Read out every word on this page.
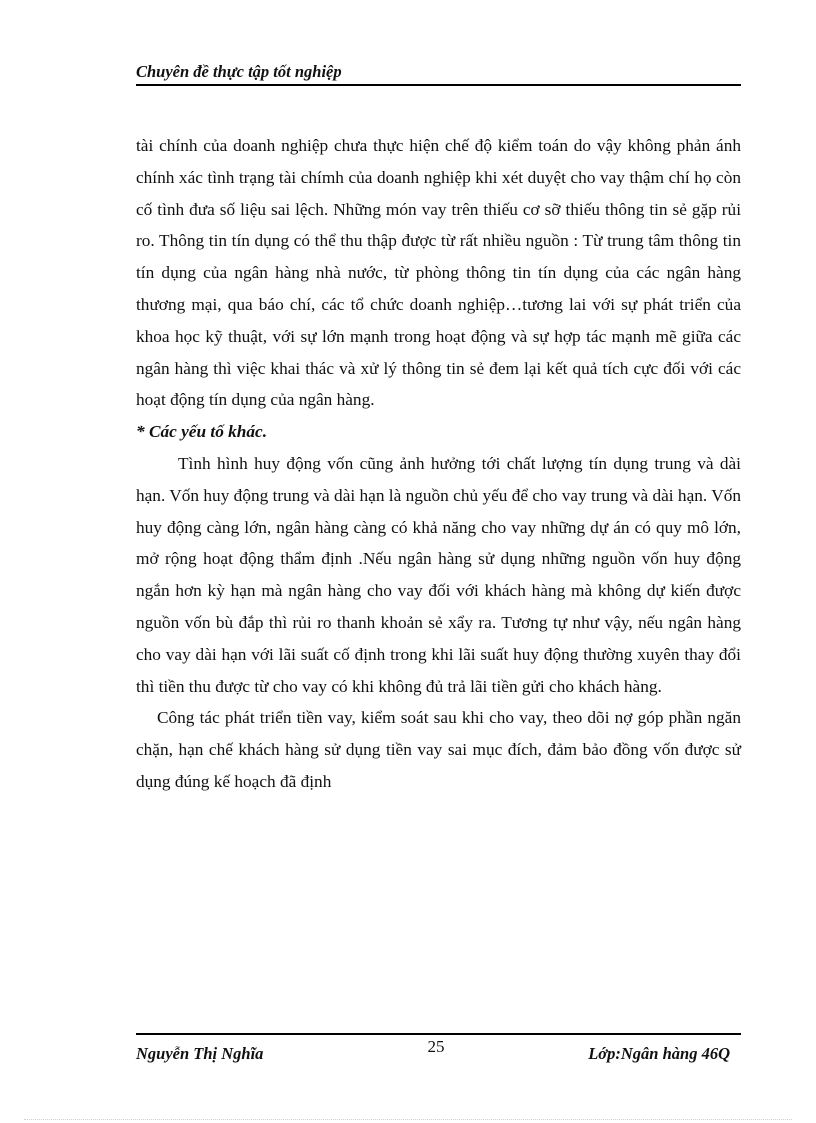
Chuyên đề thực tập tốt nghiệp

tài chính của doanh nghiệp chưa thực hiện chế độ kiểm toán do vậy không phản ánh chính xác tình trạng tài chímh của doanh nghiệp khi xét duyệt cho vay thậm chí họ còn cố tình đưa số liệu sai lệch. Những món vay trên thiếu cơ sỡ thiếu thông tin sẻ gặp rủi ro. Thông tin tín dụng có thể thu thập được từ rất nhiều nguồn : Từ trung tâm thông tin tín dụng của ngân hàng nhà nước, từ phòng thông tin tín dụng của các ngân hàng thương mại, qua báo chí, các tổ chức doanh nghiệp…tương lai với sự phát triển của khoa học kỹ thuật, với sự lớn mạnh trong hoạt động và sự hợp tác mạnh mẽ giữa các ngân hàng thì việc khai thác và xử lý thông tin sẻ đem lại kết quả tích cực đối với các hoạt động tín dụng của ngân hàng.

* Các yếu tố khác.

Tình hình huy động vốn cũng ảnh hưởng tới chất lượng tín dụng trung và dài hạn. Vốn huy động trung và dài hạn là nguồn chủ yếu để cho vay trung và dài hạn. Vốn huy động càng lớn, ngân hàng càng có khả năng cho vay những dự án có quy mô lớn, mở rộng hoạt động thẩm định .Nếu ngân hàng sử dụng những nguồn vốn huy động ngắn hơn kỳ hạn mà ngân hàng cho vay đối với khách hàng mà không dự kiến được nguồn vốn bù đắp thì rủi ro thanh khoản sẻ xẩy ra. Tương tự như vậy, nếu ngân hàng cho vay dài hạn với lãi suất cố định trong khi lãi suất huy động thường xuyên thay đổi thì tiền thu được từ cho vay có khi không đủ trả lãi tiền gửi cho khách hàng.

Công tác phát triển tiền vay, kiểm soát sau khi cho vay, theo dõi nợ góp phần ngăn chặn, hạn chế khách hàng sử dụng tiền vay sai mục đích, đảm bảo đồng vốn được sử dụng đúng kế hoạch đã định

Nguyễn Thị Nghĩa	25	Lớp:Ngân hàng 46Q
